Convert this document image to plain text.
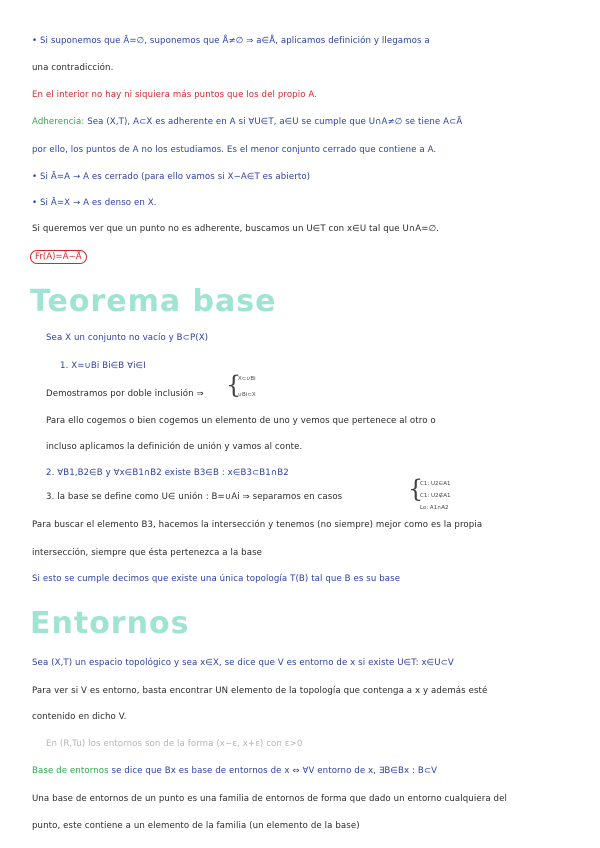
• Si suponemos que Ā=∅, suponemos que Å≠∅ ⇒ a∈Å, aplicamos definición y llegamos a
una contradicción.
En el interior no hay ni siquiera más puntos que los del propio A.
Adherencia: Sea (X,T), A⊂X es adherente en A si ∀U∈T, a∈U se cumple que U∩A≠∅ se tiene A⊂Ā
por ello, los puntos de A no los estudiamos. Es el menor conjunto cerrado que contiene a A.
• Si Ā=A → A es cerrado (para ello vamos si X−A∈T es abierto)
• Si Ā=X → A es denso en X.
Si queremos ver que un punto no es adherente, buscamos un U∈T con x∈U tal que U∩A=∅.
Fr(A)=Ā−Å
Teorema base
Sea X un conjunto no vacío y B⊂P(X)
1. X=∪Bi Bi∈B ∀i∈I
Demostramos por doble inclusión ⇒ {
X⊂∪Bi
∪Bi⊂X
Para ello cogemos o bien cogemos un elemento de uno y vemos que pertenece al otro o
incluso aplicamos la definición de unión y vamos al conte.
2. ∀B1,B2∈B y ∀x∈B1∩B2 existe B3∈B : x∈B3⊂B1∩B2
3. la base se define como U∈ unión : B=∪Ai ⇒ separamos en casos	{
C1: U2∈A1
C1: U2∉A1
Lo: A1∩A2
Para buscar el elemento B3, hacemos la intersección y tenemos (no siempre) mejor como es la propia
intersección, siempre que ésta pertenezca a la base
Si esto se cumple decimos que existe una única topología T(B) tal que B es su base
Entornos
Sea (X,T) un espacio topológico y sea x∈X, se dice que V es entorno de x si existe U∈T: x∈U⊂V
Para ver si V es entorno, basta encontrar UN elemento de la topología que contenga a x y además esté
contenido en dicho V.
En (R,Tu) los entornos son de la forma (x−ε, x+ε) con ε>0
Base de entornos se dice que Bx es base de entornos de x ⇔ ∀V entorno de x, ∃B∈Bx : B⊂V
Una base de entornos de un punto es una familia de entornos de forma que dado un entorno cualquiera del
punto, este contiene a un elemento de la familia (un elemento de la base)
